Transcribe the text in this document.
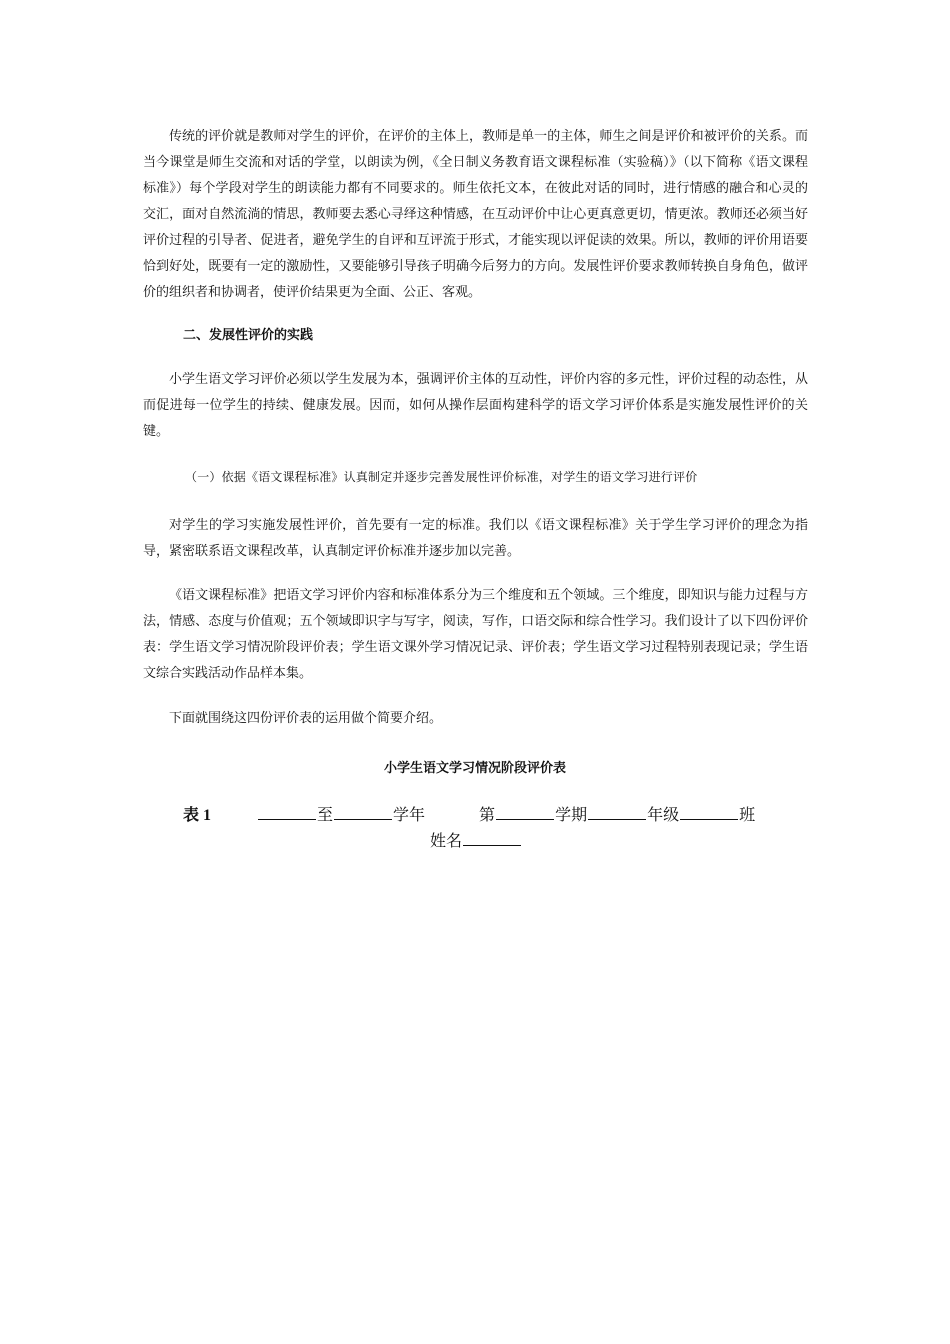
传统的评价就是教师对学生的评价，在评价的主体上，教师是单一的主体，师生之间是评价和被评价的关系。而当今课堂是师生交流和对话的学堂，以朗读为例，《全日制义务教育语文课程标准（实验稿）》（以下简称《语文课程标准》）每个学段对学生的朗读能力都有不同要求的。师生依托文本，在彼此对话的同时，进行情感的融合和心灵的交汇，面对自然流淌的情思，教师要去悉心寻绎这种情感，在互动评价中让心更真意更切，情更浓。教师还必须当好评价过程的引导者、促进者，避免学生的自评和互评流于形式，才能实现以评促读的效果。所以，教师的评价用语要恰到好处，既要有一定的激励性，又要能够引导孩子明确今后努力的方向。发展性评价要求教师转换自身角色，做评价的组织者和协调者，使评价结果更为全面、公正、客观。

二、发展性评价的实践

小学生语文学习评价必须以学生发展为本，强调评价主体的互动性，评价内容的多元性，评价过程的动态性，从而促进每一位学生的持续、健康发展。因而，如何从操作层面构建科学的语文学习评价体系是实施发展性评价的关键。

（一）依据《语文课程标准》认真制定并逐步完善发展性评价标准，对学生的语文学习进行评价

对学生的学习实施发展性评价，首先要有一定的标准。我们以《语文课程标准》关于学生学习评价的理念为指导，紧密联系语文课程改革，认真制定评价标准并逐步加以完善。

《语文课程标准》把语文学习评价内容和标准体系分为三个维度和五个领域。三个维度，即知识与能力过程与方法，情感、态度与价值观；五个领域即识字与写字，阅读，写作，口语交际和综合性学习。我们设计了以下四份评价表：学生语文学习情况阶段评价表；学生语文课外学习情况记录、评价表；学生语文学习过程特别表现记录；学生语文综合实践活动作品样本集。

下面就围绕这四份评价表的运用做个简要介绍。

小学生语文学习情况阶段评价表

表 1	至	学年	第	学期	年级	班
姓名
